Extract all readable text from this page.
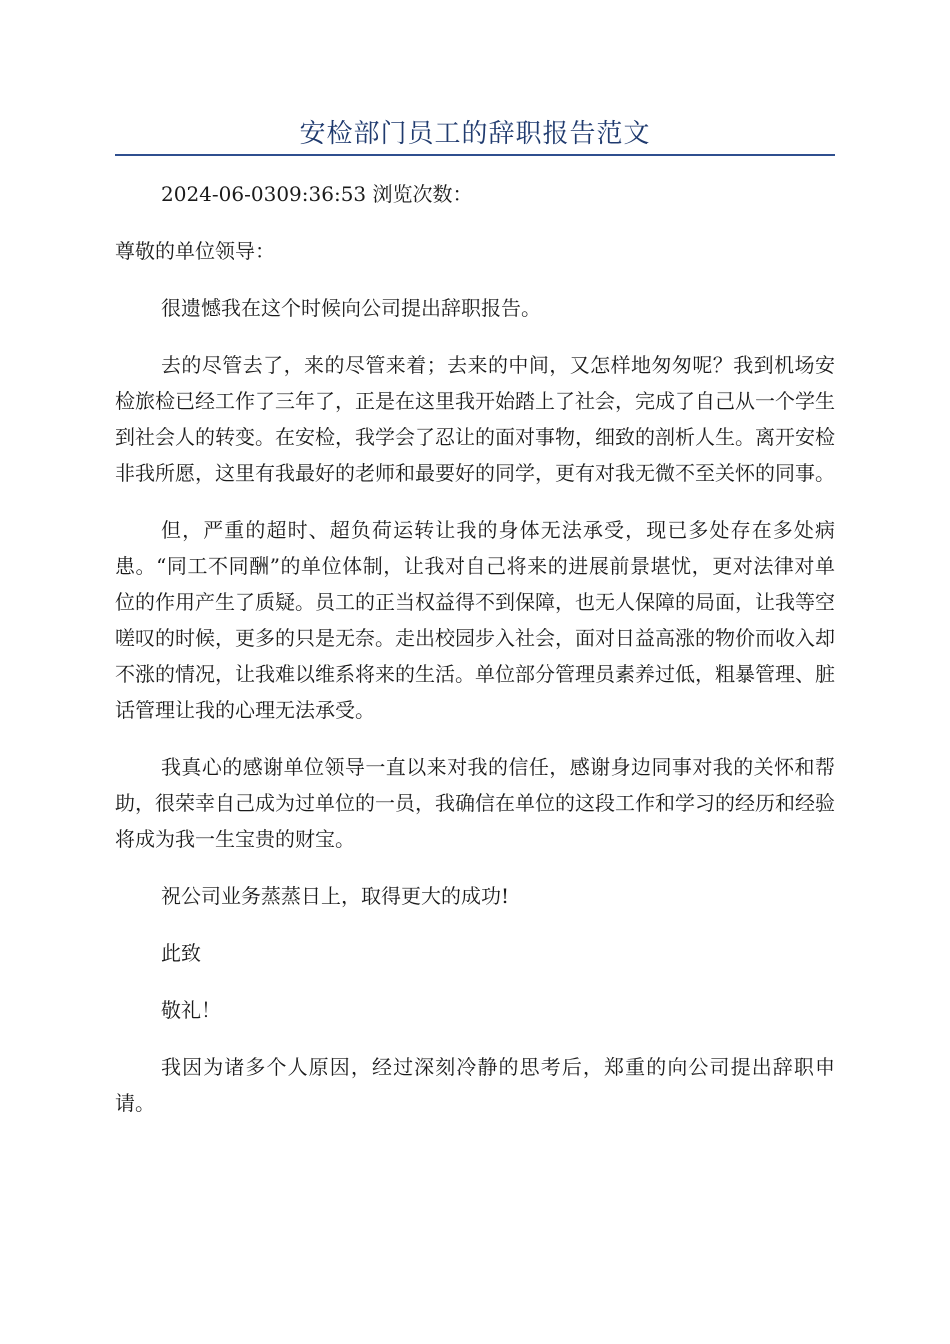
安检部门员工的辞职报告范文

2024-06-0309:36:53 浏览次数：

尊敬的单位领导：

很遗憾我在这个时候向公司提出辞职报告。

去的尽管去了，来的尽管来着；去来的中间，又怎样地匆匆呢？我到机场安检旅检已经工作了三年了，正是在这里我开始踏上了社会，完成了自己从一个学生到社会人的转变。在安检，我学会了忍让的面对事物，细致的剖析人生。离开安检非我所愿，这里有我最好的老师和最要好的同学，更有对我无微不至关怀的同事。

但，严重的超时、超负荷运转让我的身体无法承受，现已多处存在多处病患。“同工不同酬”的单位体制，让我对自己将来的进展前景堪忧，更对法律对单位的作用产生了质疑。员工的正当权益得不到保障，也无人保障的局面，让我等空嗟叹的时候，更多的只是无奈。走出校园步入社会，面对日益高涨的物价而收入却不涨的情况，让我难以维系将来的生活。单位部分管理员素养过低，粗暴管理、脏话管理让我的心理无法承受。

我真心的感谢单位领导一直以来对我的信任，感谢身边同事对我的关怀和帮助，很荣幸自己成为过单位的一员，我确信在单位的这段工作和学习的经历和经验将成为我一生宝贵的财宝。

祝公司业务蒸蒸日上，取得更大的成功!

此致

敬礼！

我因为诸多个人原因，经过深刻冷静的思考后，郑重的向公司提出辞职申请。
